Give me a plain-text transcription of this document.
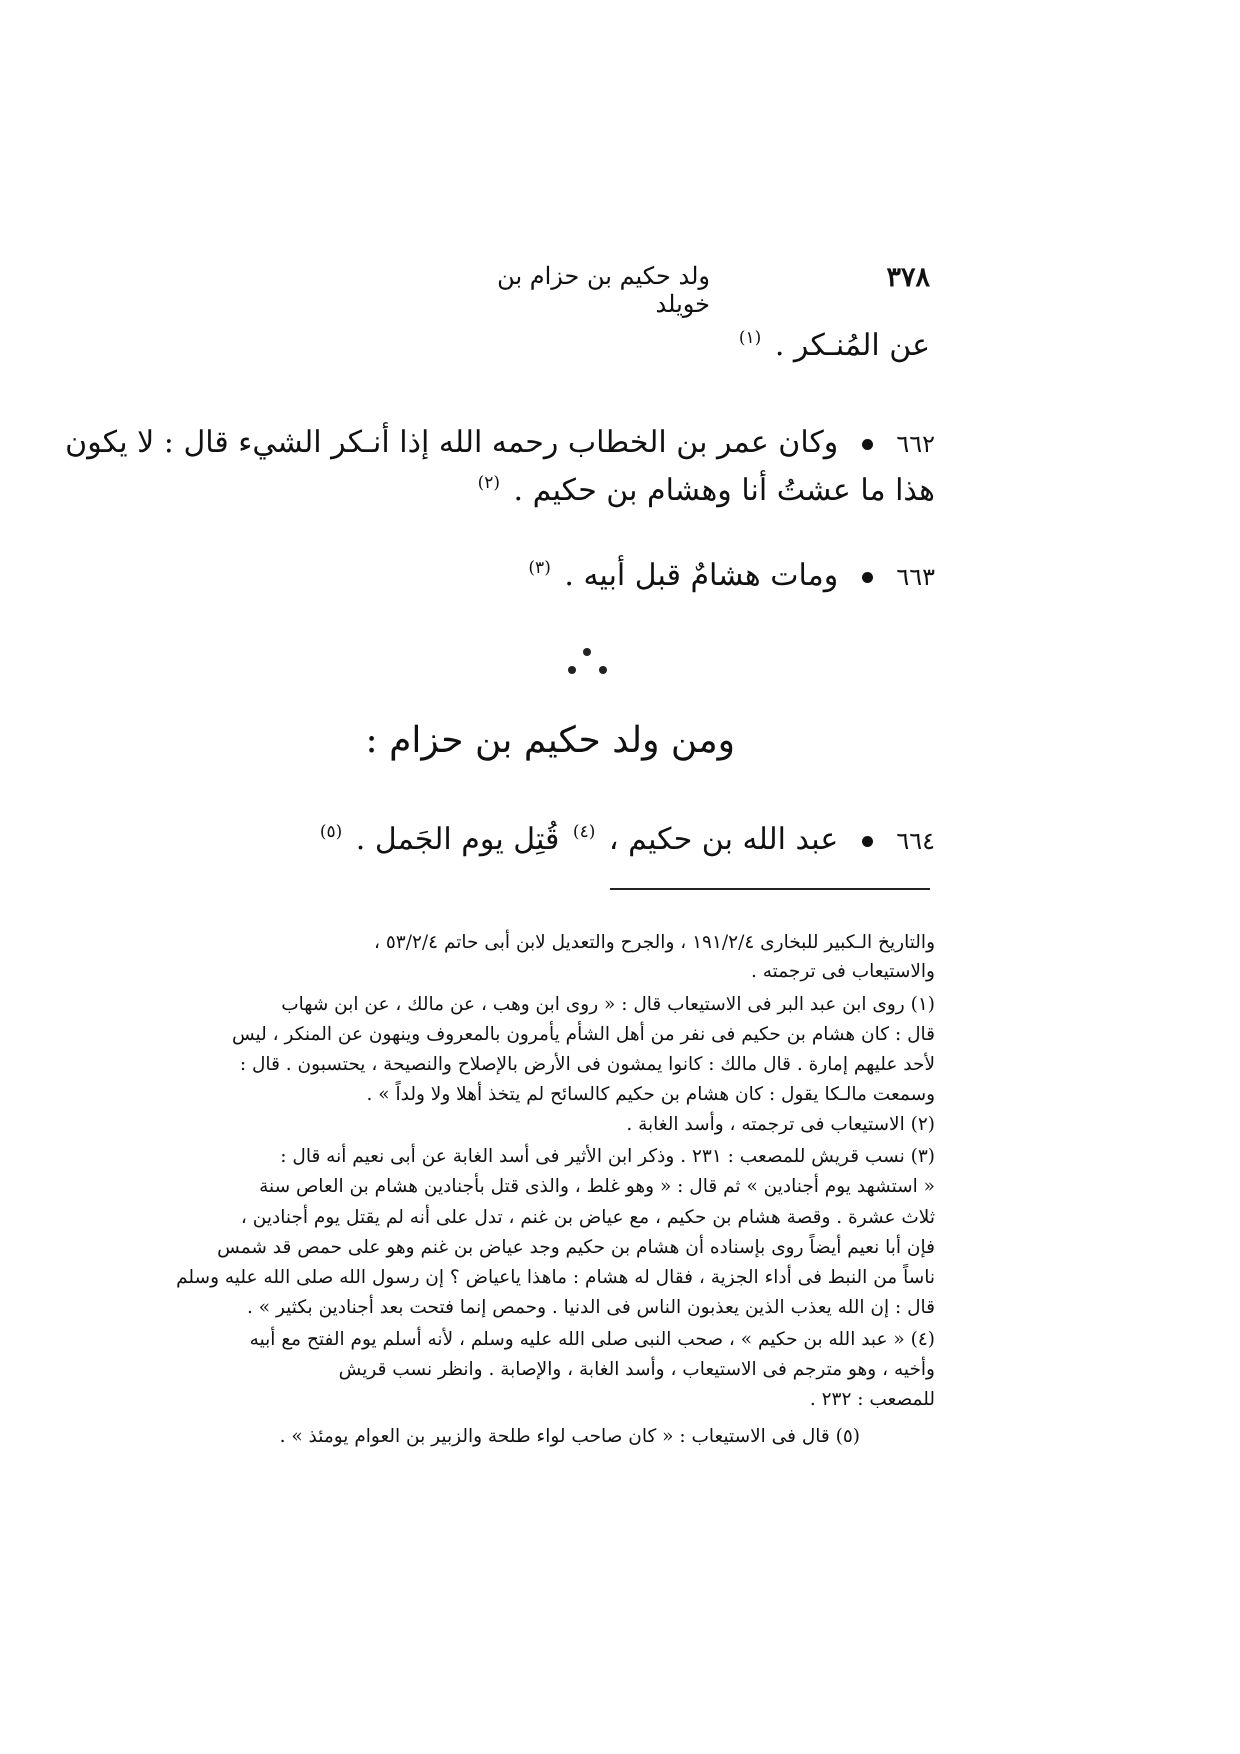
٣٧٨
ولد حكيم بن حزام بن خويلد
عن المُنـكر . $^{(١)}$
٦٦٢  وكان عمر بن الخطاب رحمه الله إذا أنـكر الشيء قال : لا يكون
هذا ما عشتُ أنا وهشام بن حكيم . $^{(٢)}$
٦٦٣  ومات هشامٌ قبل أبيه . $^{(٣)}$
ومن ولد حكيم بن حزام :
٦٦٤  عبد الله بن حكيم ، $^{(٤)}$ قُتِل يوم الجَمل . $^{(٥)}$
والتاريخ الـكبير للبخارى ١٩١/٢/٤ ، والجرح والتعديل لابن أبى حاتم ٥٣/٢/٤ ،
والاستيعاب فى ترجمته .
(١) روى ابن عبد البر فى الاستيعاب قال : « روى ابن وهب ، عن مالك ، عن ابن شهاب
قال : كان هشام بن حكيم فى نفر من أهل الشأم يأمرون بالمعروف وينهون عن المنكر ، ليس
لأحد عليهم إمارة . قال مالك : كانوا يمشون فى الأرض بالإصلاح والنصيحة ، يحتسبون . قال :
وسمعت مالـكا يقول : كان هشام بن حكيم كالسائح لم يتخذ أهلا ولا ولداً » .
(٢) الاستيعاب فى ترجمته ، وأسد الغابة .
(٣) نسب قريش للمصعب : ٢٣١ . وذكر ابن الأثير فى أسد الغابة عن أبى نعيم أنه قال :
« استشهد يوم أجنادين » ثم قال : « وهو غلط ، والذى قتل بأجنادين هشام بن العاص سنة
ثلاث عشرة . وقصة هشام بن حكيم ، مع عياض بن غنم ، تدل على أنه لم يقتل يوم أجنادين ،
فإن أبا نعيم أيضاً روى بإسناده أن هشام بن حكيم وجد عياض بن غنم وهو على حمص قد شمس
ناساً من النبط فى أداء الجزية ، فقال له هشام : ماهذا ياعياض ؟ إن رسول الله صلى الله عليه وسلم
قال : إن الله يعذب الذين يعذبون الناس فى الدنيا . وحمص إنما فتحت بعد أجنادين بكثير » .
(٤) « عبد الله بن حكيم » ، صحب النبى صلى الله عليه وسلم ، لأنه أسلم يوم الفتح مع أبيه
وأخيه ، وهو مترجم فى الاستيعاب ، وأسد الغابة ، والإصابة . وانظر نسب قريش
للمصعب : ٢٣٢ .
(٥) قال فى الاستيعاب : « كان صاحب لواء طلحة والزبير بن العوام يومئذ » .
